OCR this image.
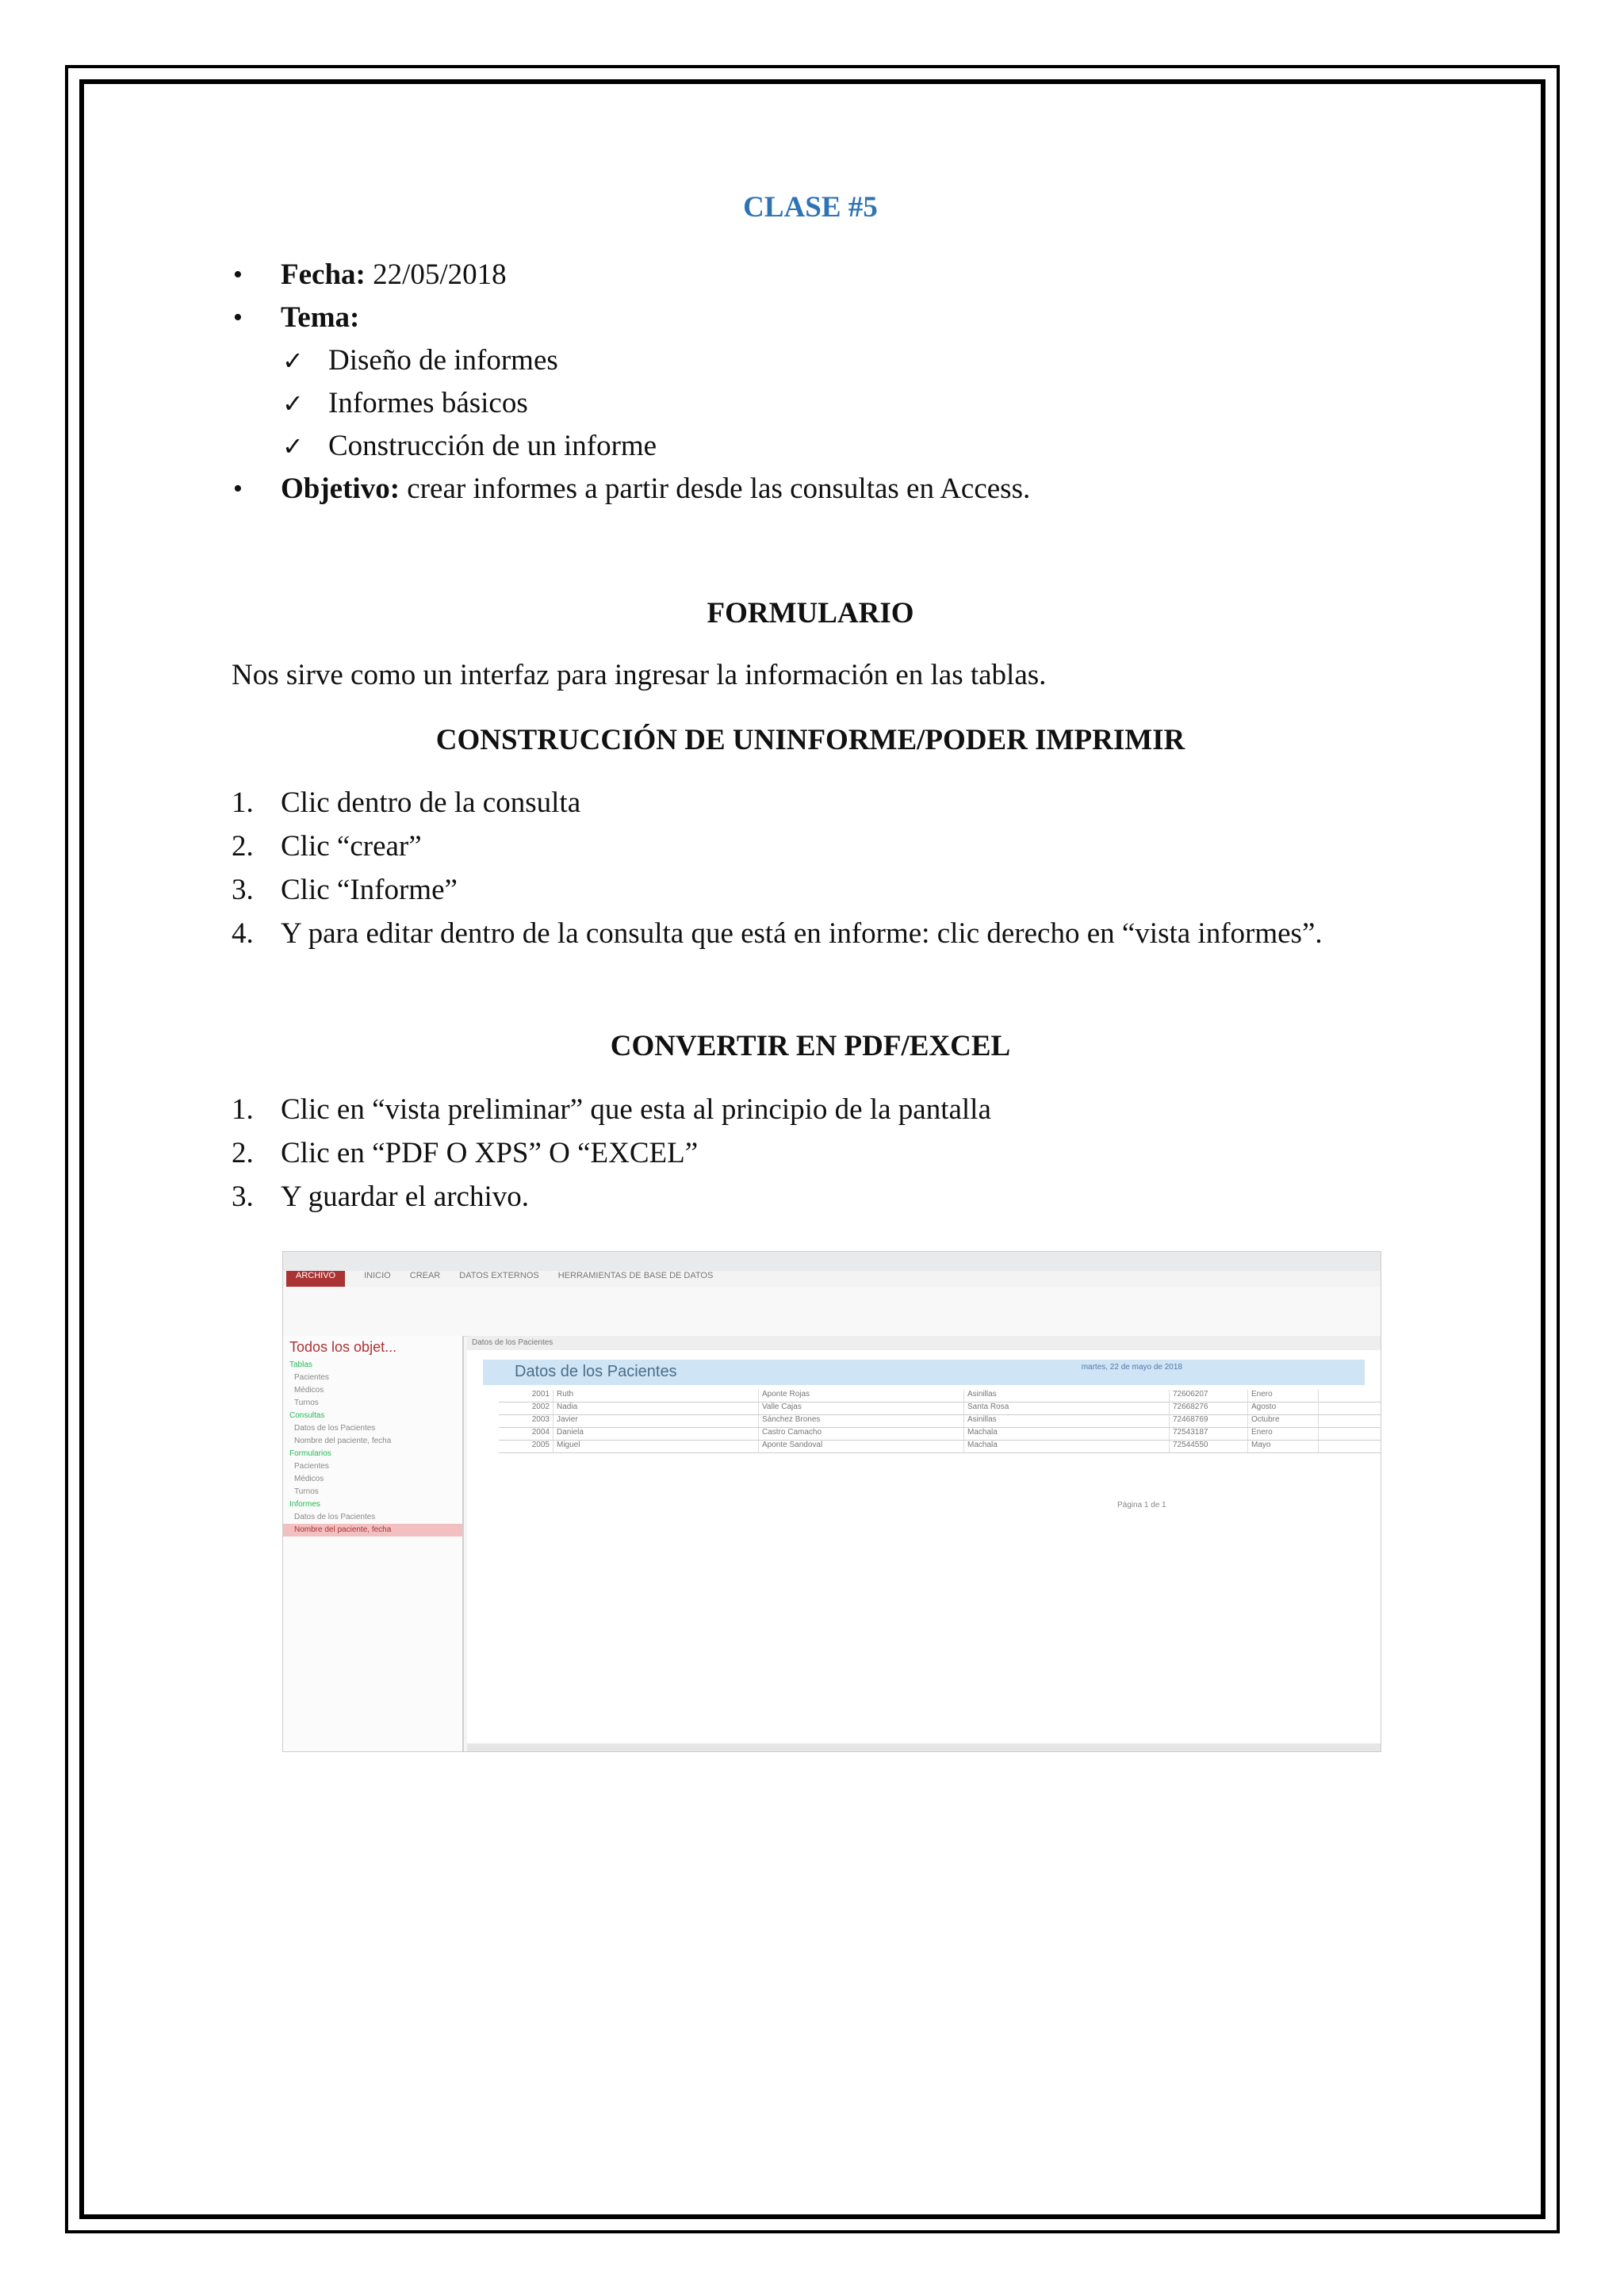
CLASE #5
• Fecha: 22/05/2018
• Tema:
✓ Diseño de informes
✓ Informes básicos
✓ Construcción de un informe
• Objetivo: crear informes a partir desde las consultas en Access.
FORMULARIO
Nos sirve como un interfaz para ingresar la información en las tablas.
CONSTRUCCIÓN DE UNINFORME/PODER IMPRIMIR
1. Clic dentro de la consulta
2. Clic “crear”
3. Clic “Informe”
4. Y para editar dentro de la consulta que está en informe: clic derecho en “vista informes”.
CONVERTIR EN PDF/EXCEL
1. Clic en “vista preliminar” que esta al principio de la pantalla
2. Clic en “PDF O XPS” O “EXCEL”
3. Y guardar el archivo.
ARCHIVO	INICIO CREAR DATOS EXTERNOS HERRAMIENTAS DE BASE DE DATOS
Todos los objet...
Tablas
Pacientes
Médicos
Turnos
Consultas
Datos de los Pacientes
Nombre del paciente, fecha
Formularios
Pacientes
Médicos
Turnos
Informes
Datos de los Pacientes
Nombre del paciente, fecha
Datos de los Pacientes
Datos de los Pacientes	martes, 22 de mayo de 2018
2001 Ruth	Aponte Rojas	Asinillas	72606207	Enero
2002 Nadia	Valle Cajas	Santa Rosa	72668276	Agosto
2003 Javier	Sánchez Brones	Asinillas	72468769	Octubre
2004 Daniela	Castro Camacho	Machala	72543187	Enero
2005 Miguel	Aponte Sandoval	Machala	72544550	Mayo
Página 1 de 1
